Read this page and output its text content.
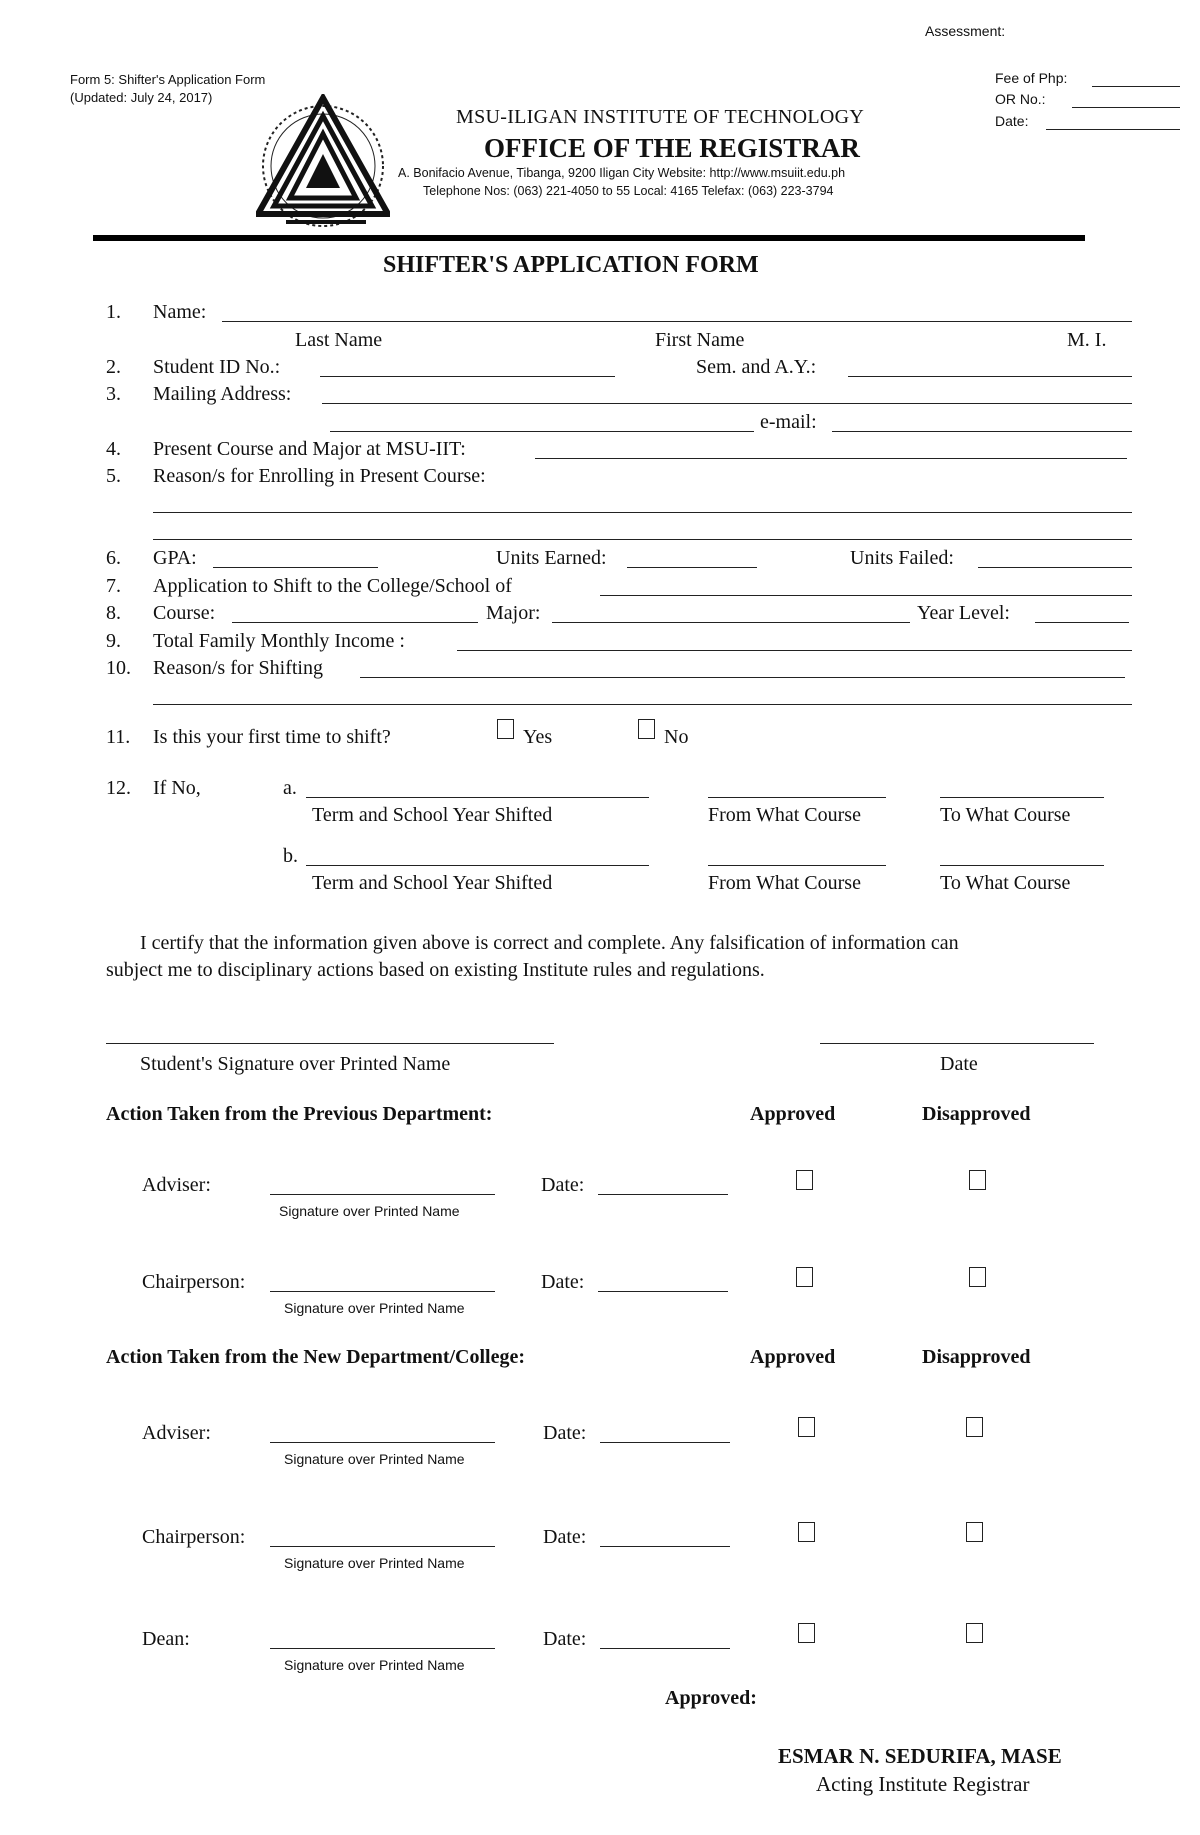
Assessment:
Form 5: Shifter's Application Form
(Updated: July 24, 2017)
Fee of Php:
OR No.:
Date:
MSU-ILIGAN INSTITUTE OF TECHNOLOGY
OFFICE OF THE REGISTRAR
A. Bonifacio Avenue, Tibanga, 9200 Iligan City Website: http://www.msuiit.edu.ph
Telephone Nos: (063) 221-4050 to 55 Local: 4165 Telefax: (063) 223-3794
SHIFTER'S APPLICATION FORM
1. Name:
Last Name	First Name	M. I.
2. Student ID No.:	Sem. and A.Y.:
3. Mailing Address:
e-mail:
4. Present Course and Major at MSU-IIT:
5. Reason/s for Enrolling in Present Course:
6. GPA:	Units Earned:	Units Failed:
7. Application to Shift to the College/School of
8. Course:	Major:	Year Level:
9. Total Family Monthly Income :
10. Reason/s for Shifting
11. Is this your first time to shift?	Yes	No
12. If No,	a.
Term and School Year Shifted	From What Course	To What Course
b.
Term and School Year Shifted	From What Course	To What Course
I certify that the information given above is correct and complete. Any falsification of information can
subject me to disciplinary actions based on existing Institute rules and regulations.
Student's Signature over Printed Name	Date
Action Taken from the Previous Department:	Approved	Disapproved
Adviser:
Signature over Printed Name
Date:
Chairperson:
Signature over Printed Name
Date:
Action Taken from the New Department/College:	Approved	Disapproved
Adviser:
Signature over Printed Name
Date:
Chairperson:
Signature over Printed Name
Date:
Dean:
Signature over Printed Name
Date:
Approved:
ESMAR N. SEDURIFA, MASE
Acting Institute Registrar
